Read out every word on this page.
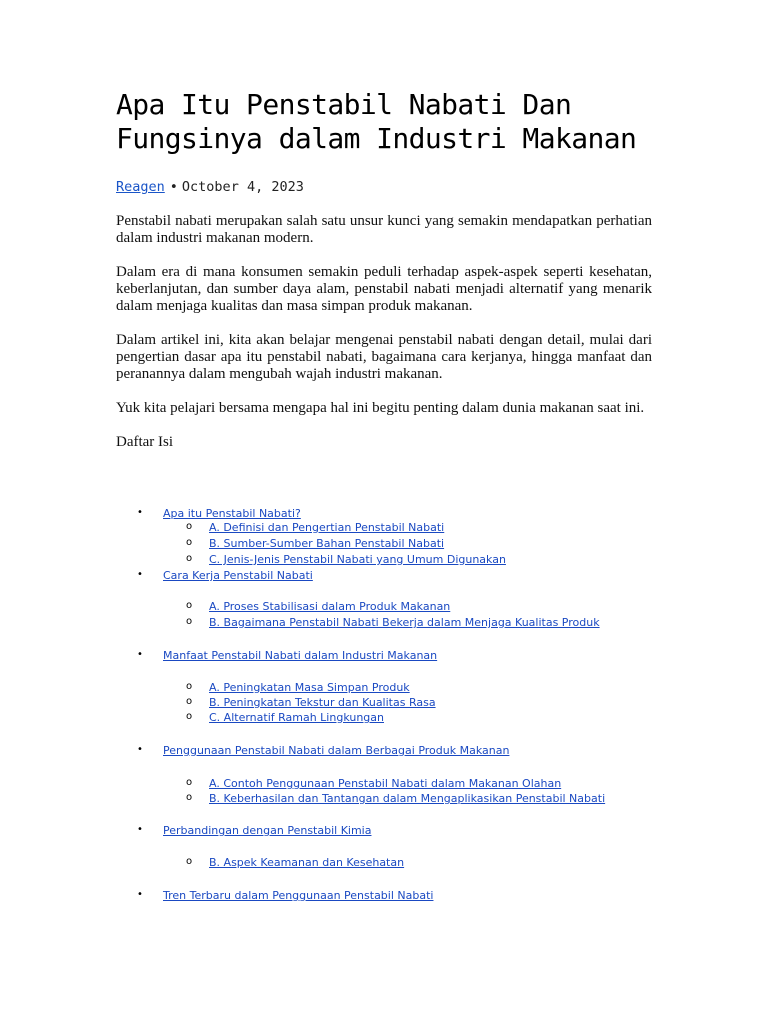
Apa Itu Penstabil Nabati Dan
Fungsinya dalam Industri Makanan
Reagen • October 4, 2023

Penstabil nabati merupakan salah satu unsur kunci yang semakin mendapatkan perhatian dalam industri makanan modern.

Dalam era di mana konsumen semakin peduli terhadap aspek-aspek seperti kesehatan, keberlanjutan, dan sumber daya alam, penstabil nabati menjadi alternatif yang menarik dalam menjaga kualitas dan masa simpan produk makanan.

Dalam artikel ini, kita akan belajar mengenai penstabil nabati dengan detail, mulai dari pengertian dasar apa itu penstabil nabati, bagaimana cara kerjanya, hingga manfaat dan peranannya dalam mengubah wajah industri makanan.

Yuk kita pelajari bersama mengapa hal ini begitu penting dalam dunia makanan saat ini.

Daftar Isi

• Apa itu Penstabil Nabati?
o A. Definisi dan Pengertian Penstabil Nabati
o B. Sumber-Sumber Bahan Penstabil Nabati
o C. Jenis-Jenis Penstabil Nabati yang Umum Digunakan
• Cara Kerja Penstabil Nabati
o A. Proses Stabilisasi dalam Produk Makanan
o B. Bagaimana Penstabil Nabati Bekerja dalam Menjaga Kualitas Produk
• Manfaat Penstabil Nabati dalam Industri Makanan
o A. Peningkatan Masa Simpan Produk
o B. Peningkatan Tekstur dan Kualitas Rasa
o C. Alternatif Ramah Lingkungan
• Penggunaan Penstabil Nabati dalam Berbagai Produk Makanan
o A. Contoh Penggunaan Penstabil Nabati dalam Makanan Olahan
o B. Keberhasilan dan Tantangan dalam Mengaplikasikan Penstabil Nabati
• Perbandingan dengan Penstabil Kimia
o B. Aspek Keamanan dan Kesehatan
• Tren Terbaru dalam Penggunaan Penstabil Nabati
